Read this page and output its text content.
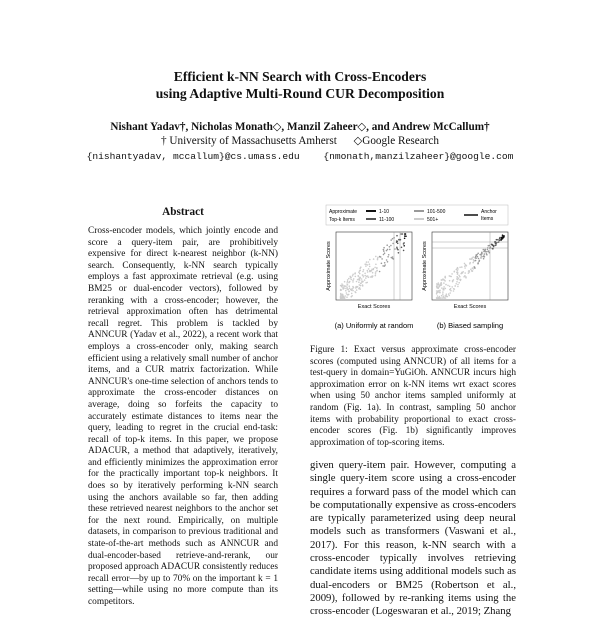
Efficient k-NN Search with Cross-Encoders
using Adaptive Multi-Round CUR Decomposition
Nishant Yadav†, Nicholas Monath◇, Manzil Zaheer◇, and Andrew McCallum†
† University of Massachusetts Amherst ◇Google Research
{nishantyadav, mccallum}@cs.umass.edu {nmonath,manzilzaheer}@google.com
Abstract
Cross-encoder models, which jointly encode and score a query-item pair, are prohibitively expensive for direct k-nearest neighbor (k-NN) search. Consequently, k-NN search typically employs a fast approximate retrieval (e.g. using BM25 or dual-encoder vectors), followed by reranking with a cross-encoder; however, the retrieval approximation often has detrimental recall regret. This problem is tackled by ANNCUR (Yadav et al., 2022), a recent work that employs a cross-encoder only, making search efficient using a relatively small number of anchor items, and a CUR matrix factorization. While ANNCUR's one-time selection of anchors tends to approximate the cross-encoder distances on average, doing so forfeits the capacity to accurately estimate distances to items near the query, leading to regret in the crucial end-task: recall of top-k items. In this paper, we propose ADACUR, a method that adaptively, iteratively, and efficiently minimizes the approximation error for the practically important top-k neighbors. It does so by iteratively performing k-NN search using the anchors available so far, then adding these retrieved nearest neighbors to the anchor set for the next round. Empirically, on multiple datasets, in comparison to previous traditional and state-of-the-art methods such as ANNCUR and dual-encoder-based retrieve-and-rerank, our proposed approach ADACUR consistently reduces recall error—by up to 70% on the important k = 1 setting—while using no more compute than its competitors.
Approximate
Top-k Items
1-10
11-100
101-500
501+
Anchor
Items
Exact Scores
Approximate Scores
(a) Uniformly at random
Exact Scores
Approximate Scores
(b) Biased sampling
Figure 1: Exact versus approximate cross-encoder scores (computed using ANNCUR) of all items for a test-query in domain=YuGiOh. ANNCUR incurs high approximation error on k-NN items wrt exact scores when using 50 anchor items sampled uniformly at random (Fig. 1a). In contrast, sampling 50 anchor items with probability proportional to exact cross-encoder scores (Fig. 1b) significantly improves approximation of top-scoring items.
given query-item pair. However, computing a single query-item score using a cross-encoder requires a forward pass of the model which can be computationally expensive as cross-encoders are typically parameterized using deep neural models such as transformers (Vaswani et al., 2017). For this reason, k-NN search with a cross-encoder typically involves retrieving candidate items using additional models such as dual-encoders or BM25 (Robertson et al., 2009), followed by re-ranking items using the cross-encoder (Logeswaran et al., 2019; Zhang
